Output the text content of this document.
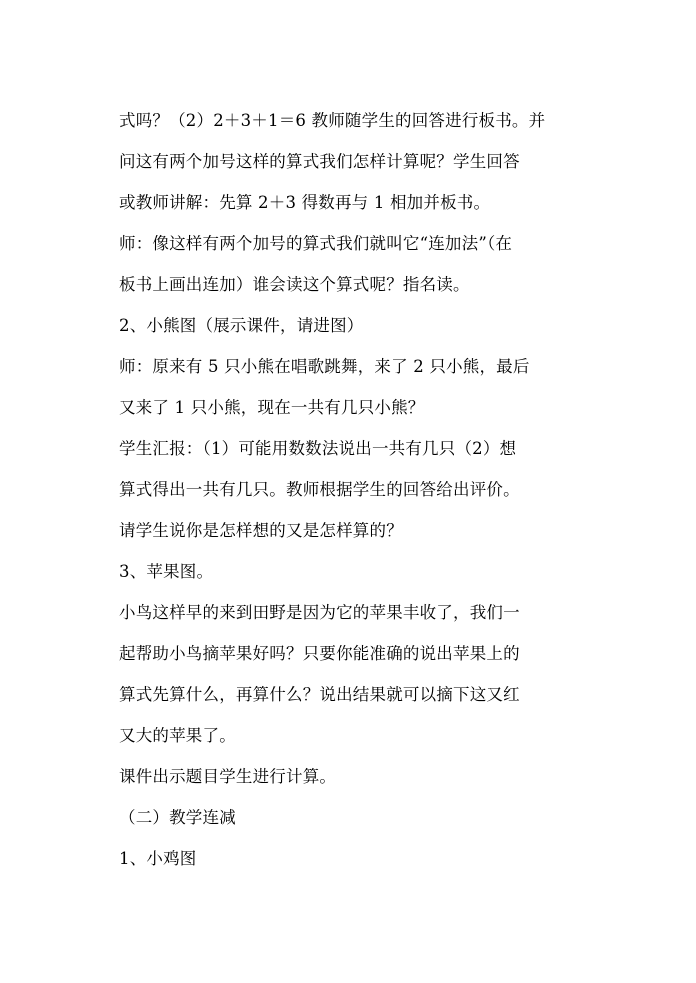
式吗？（2）2＋3＋1＝6 教师随学生的回答进行板书。并
问这有两个加号这样的算式我们怎样计算呢？学生回答
或教师讲解：先算 2＋3 得数再与 1 相加并板书。
师：像这样有两个加号的算式我们就叫它“连加法”（在
板书上画出连加）谁会读这个算式呢？指名读。
2、小熊图（展示课件，请进图）
师：原来有 5 只小熊在唱歌跳舞，来了 2 只小熊，最后
又来了 1 只小熊，现在一共有几只小熊？
学生汇报：（1）可能用数数法说出一共有几只（2）想
算式得出一共有几只。教师根据学生的回答给出评价。
请学生说你是怎样想的又是怎样算的？
3、苹果图。
小鸟这样早的来到田野是因为它的苹果丰收了，我们一
起帮助小鸟摘苹果好吗？只要你能准确的说出苹果上的
算式先算什么，再算什么？说出结果就可以摘下这又红
又大的苹果了。
课件出示题目学生进行计算。
（二）教学连减
1、小鸡图
